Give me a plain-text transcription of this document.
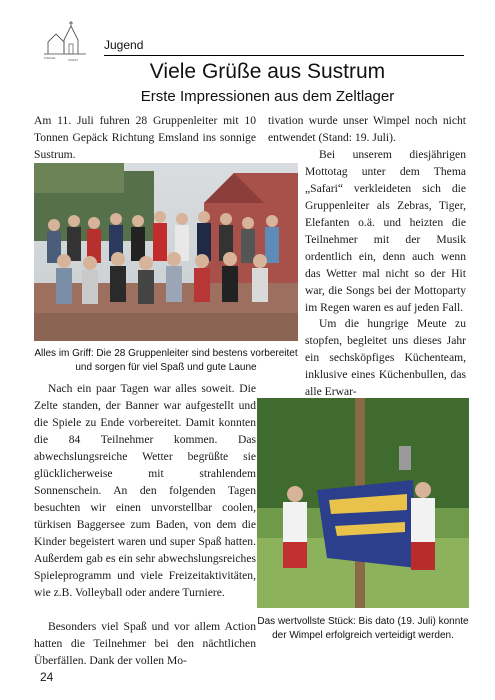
KIRCHE	SOEST
Jugend
Viele Grüße aus Sustrum
Erste Impressionen aus dem Zeltlager

Am 11. Juli fuhren 28 Gruppenleiter mit 10 Tonnen Gepäck Richtung Emsland ins sonnige Sustrum.

Alles im Griff: Die 28 Gruppenleiter sind bestens vorbereitet und sorgen für viel Spaß und gute Laune

Nach ein paar Tagen war alles soweit. Die Zelte standen, der Banner war aufgestellt und die Spiele zu Ende vorbereitet. Damit konnten die 84 Teilnehmer kommen. Das abwechslungsreiche Wetter begrüßte sie glücklicherweise mit strahlendem Sonnenschein. An den folgenden Tagen besuchten wir einen unvorstellbar coolen, türkisen Baggersee zum Baden, von dem die Kinder begeistert waren und super Spaß hatten. Außerdem gab es ein sehr abwechslungsreiches Spieleprogramm und viele Freizeitaktivitäten, wie z.B. Volleyball oder andere Turniere.

Besonders viel Spaß und vor allem Action hatten die Teilnehmer bei den nächtlichen Überfällen. Dank der vollen Mo-

tivation wurde unser Wimpel noch nicht entwendet (Stand: 19. Juli).

Bei unserem diesjährigen Mottotag unter dem Thema „Safari“ verkleideten sich die Gruppenleiter als Zebras, Tiger, Elefanten o.ä. und heizten die Teilnehmer mit der Musik ordentlich ein, denn auch wenn das Wetter mal nicht so der Hit war, die Songs bei der Mottoparty im Regen waren es auf jeden Fall.

Um die hungrige Meute zu stopfen, begleitet uns dieses Jahr ein sechsköpfiges Küchenteam, inklusive eines Küchenbullen, das alle Erwar-

Das wertvollste Stück: Bis dato (19. Juli) konnte der Wimpel erfolgreich verteidigt werden.
24
